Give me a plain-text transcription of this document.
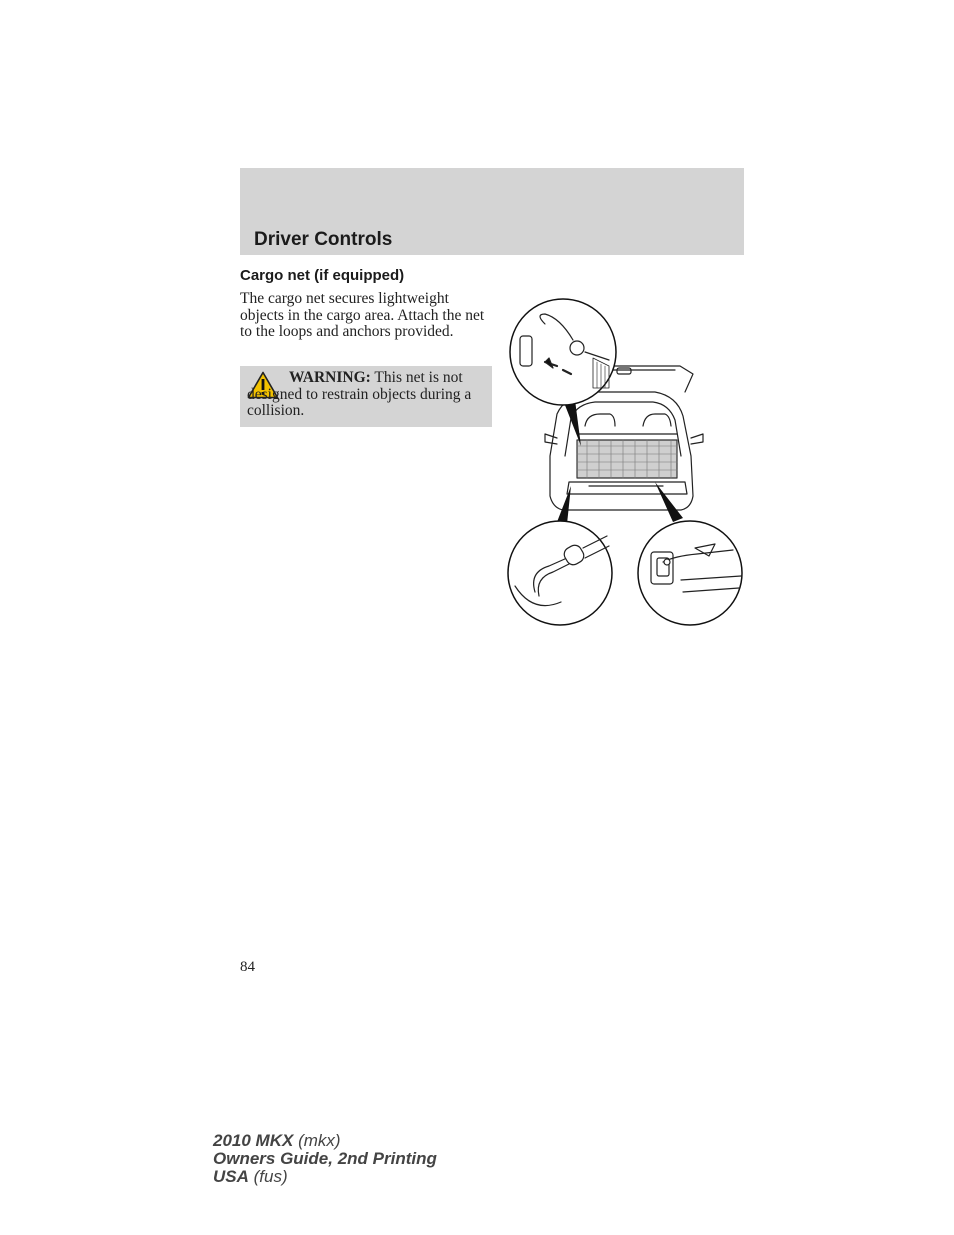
Driver Controls
Cargo net (if equipped)
The cargo net secures lightweight objects in the cargo area. Attach the net to the loops and anchors provided.
WARNING: This net is not designed to restrain objects during a collision.
84
2010 MKX (mkx)
Owners Guide, 2nd Printing
USA (fus)
